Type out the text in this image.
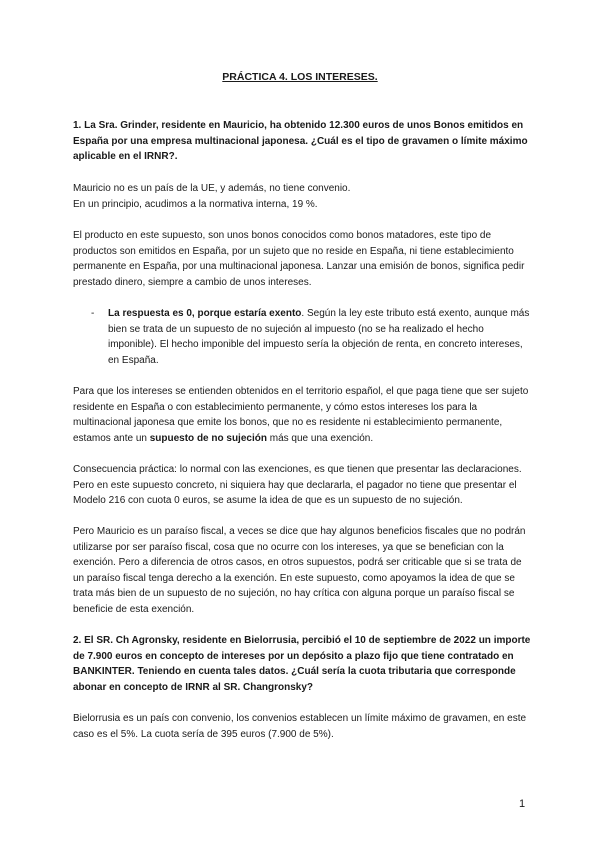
PRÁCTICA 4. LOS INTERESES.

1. La Sra. Grinder, residente en Mauricio, ha obtenido 12.300 euros de unos Bonos emitidos en España por una empresa multinacional japonesa. ¿Cuál es el tipo de gravamen o límite máximo aplicable en el IRNR?.

Mauricio no es un país de la UE, y además, no tiene convenio.

En un principio, acudimos a la normativa interna, 19 %.

El producto en este supuesto, son unos bonos conocidos como bonos matadores, este tipo de productos son emitidos en España, por un sujeto que no reside en España, ni tiene establecimiento permanente en España, por una multinacional japonesa. Lanzar una emisión de bonos, significa pedir prestado dinero, siempre a cambio de unos intereses.

- La respuesta es 0, porque estaría exento. Según la ley este tributo está exento, aunque más bien se trata de un supuesto de no sujeción al impuesto (no se ha realizado el hecho imponible). El hecho imponible del impuesto sería la objeción de renta, en concreto intereses, en España.

Para que los intereses se entienden obtenidos en el territorio español, el que paga tiene que ser sujeto residente en España o con establecimiento permanente, y cómo estos intereses los para la multinacional japonesa que emite los bonos, que no es residente ni establecimiento permanente, estamos ante un supuesto de no sujeción más que una exención.

Consecuencia práctica: lo normal con las exenciones, es que tienen que presentar las declaraciones. Pero en este supuesto concreto, ni siquiera hay que declararla, el pagador no tiene que presentar el Modelo 216 con cuota 0 euros, se asume la idea de que es un supuesto de no sujeción.

Pero Mauricio es un paraíso fiscal, a veces se dice que hay algunos beneficios fiscales que no podrán utilizarse por ser paraíso fiscal, cosa que no ocurre con los intereses, ya que se benefician con la exención. Pero a diferencia de otros casos, en otros supuestos, podrá ser criticable que si se trata de un paraíso fiscal tenga derecho a la exención. En este supuesto, como apoyamos la idea de que se trata más bien de un supuesto de no sujeción, no hay crítica con alguna porque un paraíso fiscal se beneficie de esta exención.

2. El SR. Ch Agronsky, residente en Bielorrusia, percibió el 10 de septiembre de 2022 un importe de 7.900 euros en concepto de intereses por un depósito a plazo fijo que tiene contratado en BANKINTER. Teniendo en cuenta tales datos. ¿Cuál sería la cuota tributaria que corresponde abonar en concepto de IRNR al SR. Changronsky?

Bielorrusia es un país con convenio, los convenios establecen un límite máximo de gravamen, en este caso es el 5%. La cuota sería de 395 euros (7.900 de 5%).

1
